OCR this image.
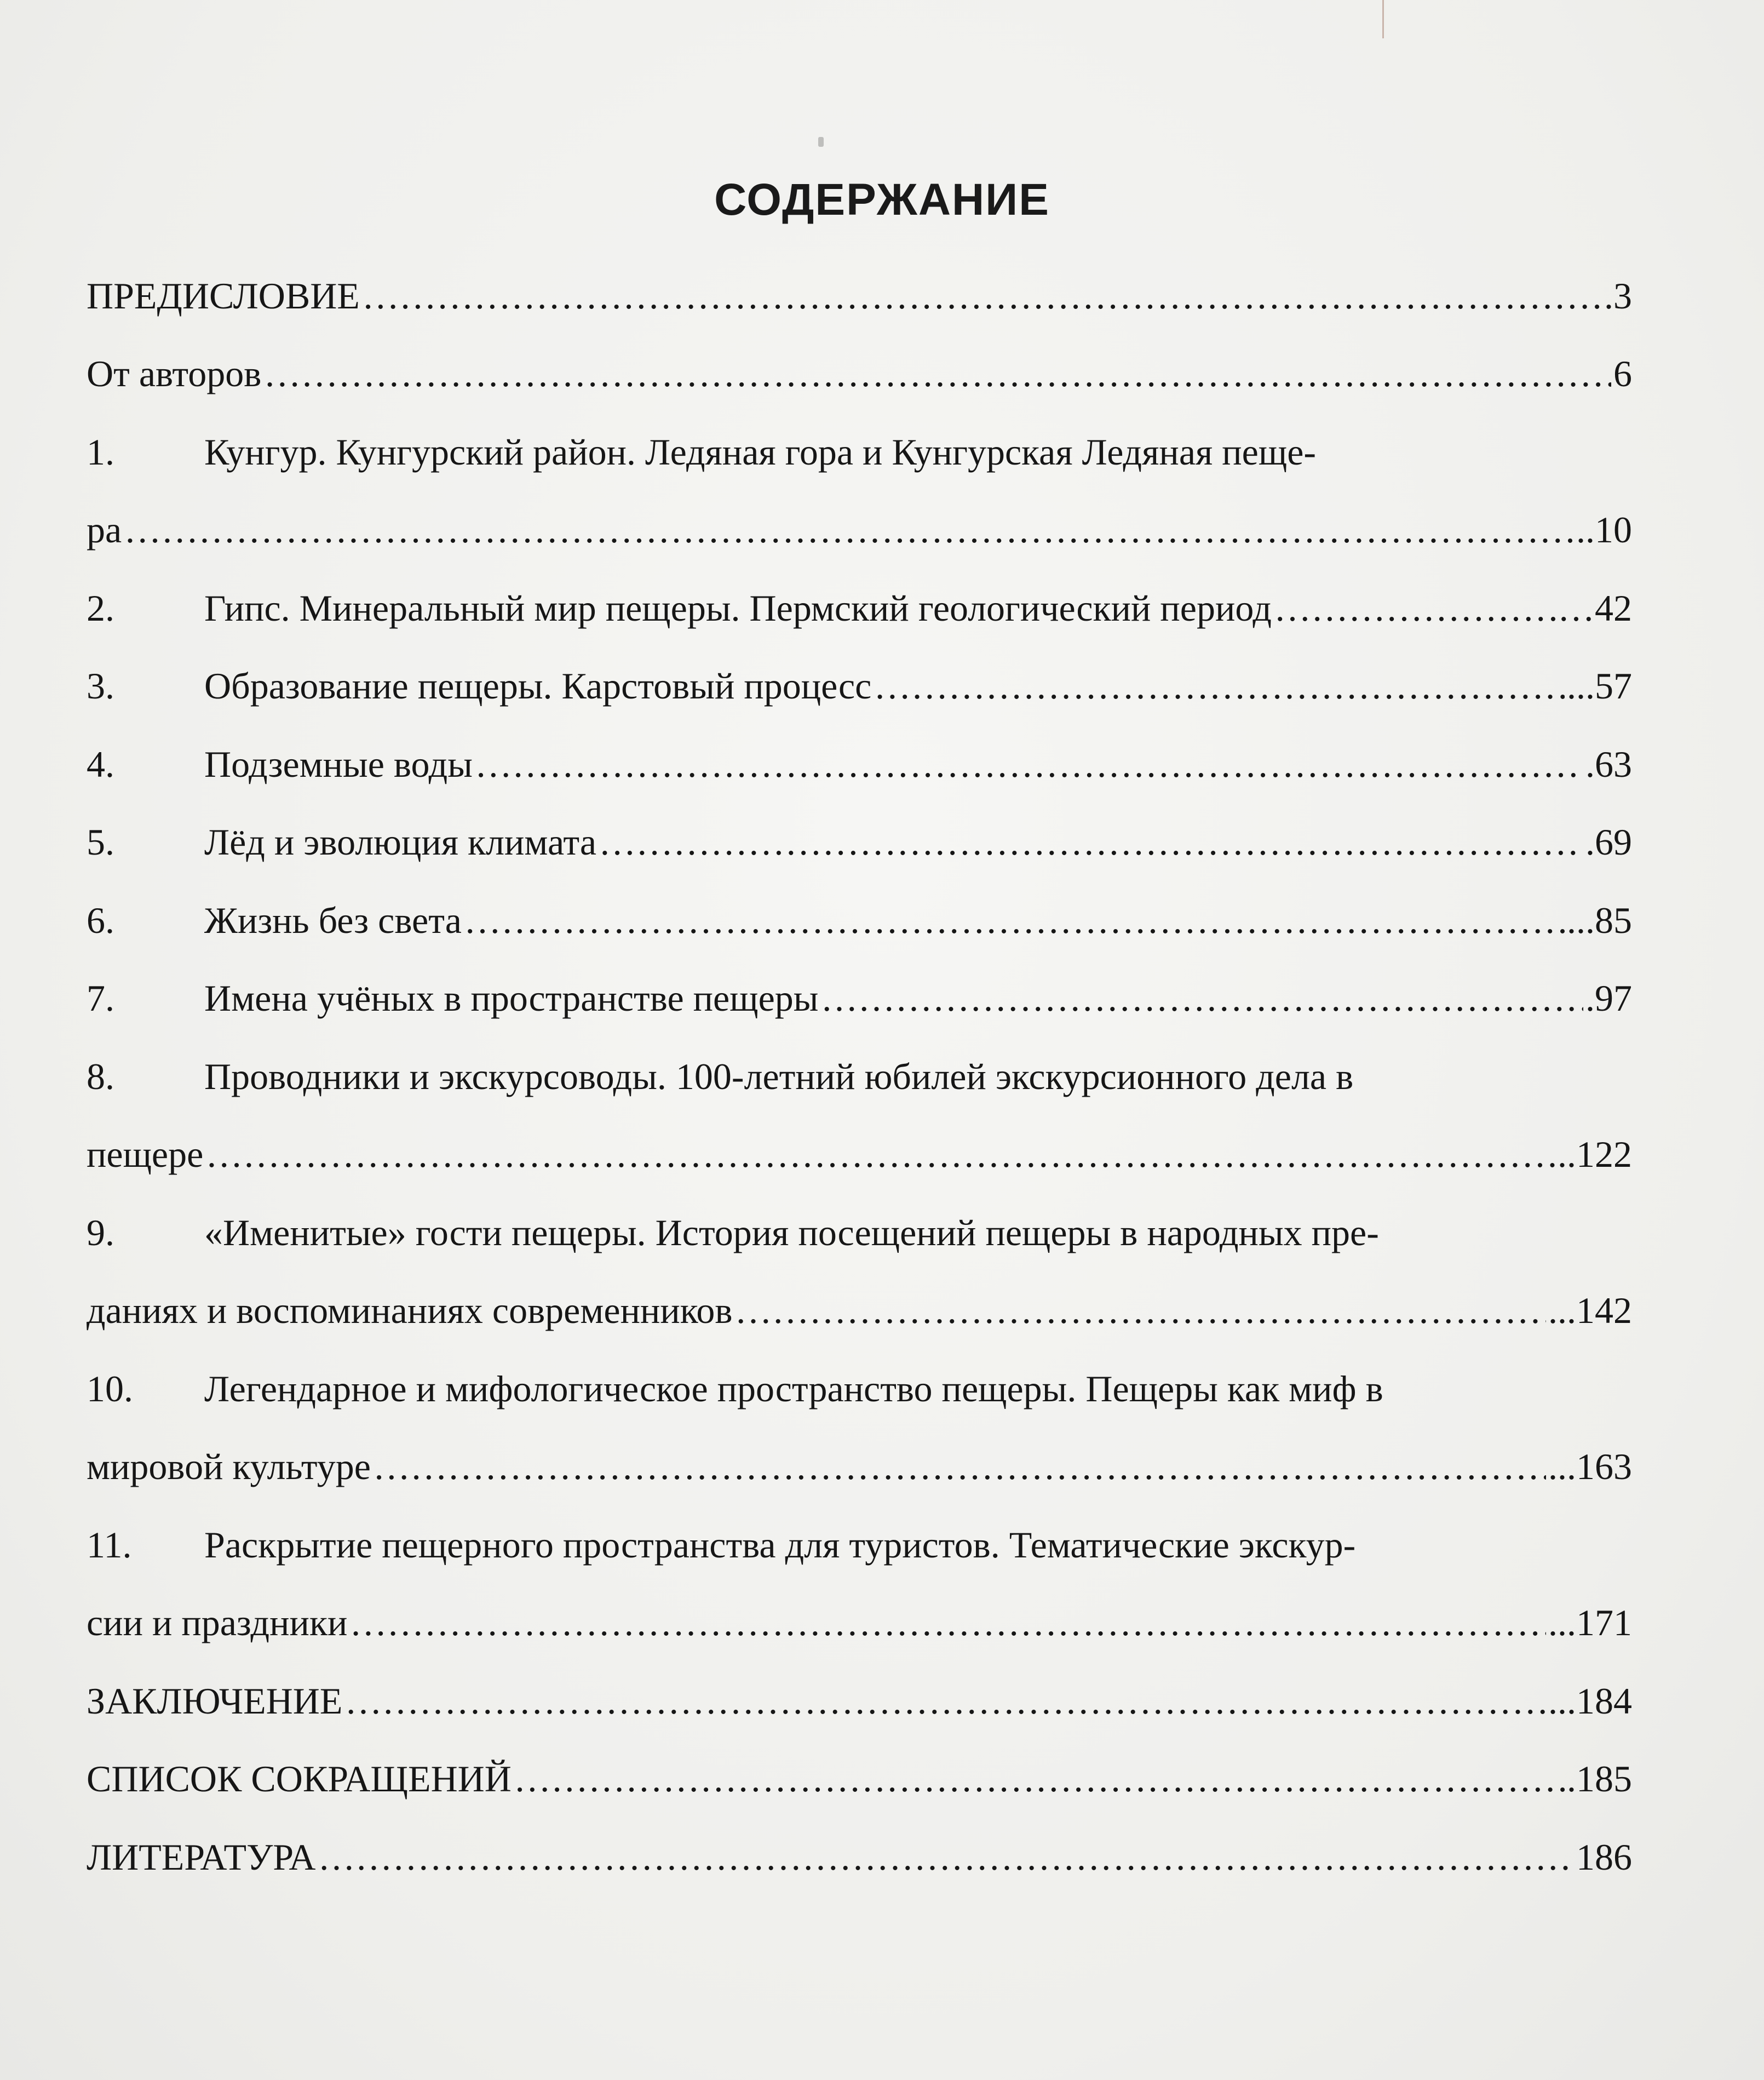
СОДЕРЖАНИЕ
ПРЕДИСЛОВИЕ ……………………………………………………………………………………………………………………………………………………………………………………………………………………………………………………………………	.3
От авторов ……………………………………………………………………………………………………………………………………………………………………………………………………………………………………………………………………	6
1. Кунгур. Кунгурский район. Ледяная гора и Кунгурская Ледяная пеще-
ра ……………………………………………………………………………………………………………………………………………………………………………………………………………………………………………………………………	..10
2. Гипс. Минеральный мир пещеры. Пермский геологический период ……………………………………………………………………………………………………………………………………………………………………………………………………………………………………………………………………	…42
3. Образование пещеры. Карстовый процесс ……………………………………………………………………………………………………………………………………………………………………………………………………………………………………………………………………	...57
4. Подземные воды ……………………………………………………………………………………………………………………………………………………………………………………………………………………………………………………………………	.63
5. Лёд и эволюция климата ……………………………………………………………………………………………………………………………………………………………………………………………………………………………………………………………………	.69
6. Жизнь без света ……………………………………………………………………………………………………………………………………………………………………………………………………………………………………………………………………	...85
7. Имена учёных в пространстве пещеры ……………………………………………………………………………………………………………………………………………………………………………………………………………………………………………………………………	.97
8. Проводники и экскурсоводы. 100-летний юбилей экскурсионного дела в
пещере ……………………………………………………………………………………………………………………………………………………………………………………………………………………………………………………………………	..122
9. «Именитые» гости пещеры. История посещений пещеры в народных пре-
даниях и воспоминаниях современников ……………………………………………………………………………………………………………………………………………………………………………………………………………………………………………………………………	...142
10. Легендарное и мифологическое пространство пещеры. Пещеры как миф в
мировой культуре ……………………………………………………………………………………………………………………………………………………………………………………………………………………………………………………………………	...163
11. Раскрытие пещерного пространства для туристов. Тематические экскур-
сии и праздники ……………………………………………………………………………………………………………………………………………………………………………………………………………………………………………………………………	...171
ЗАКЛЮЧЕНИЕ ……………………………………………………………………………………………………………………………………………………………………………………………………………………………………………………………………	...184
СПИСОК СОКРАЩЕНИЙ ……………………………………………………………………………………………………………………………………………………………………………………………………………………………………………………………………	.185
ЛИТЕРАТУРА ……………………………………………………………………………………………………………………………………………………………………………………………………………………………………………………………………	186
